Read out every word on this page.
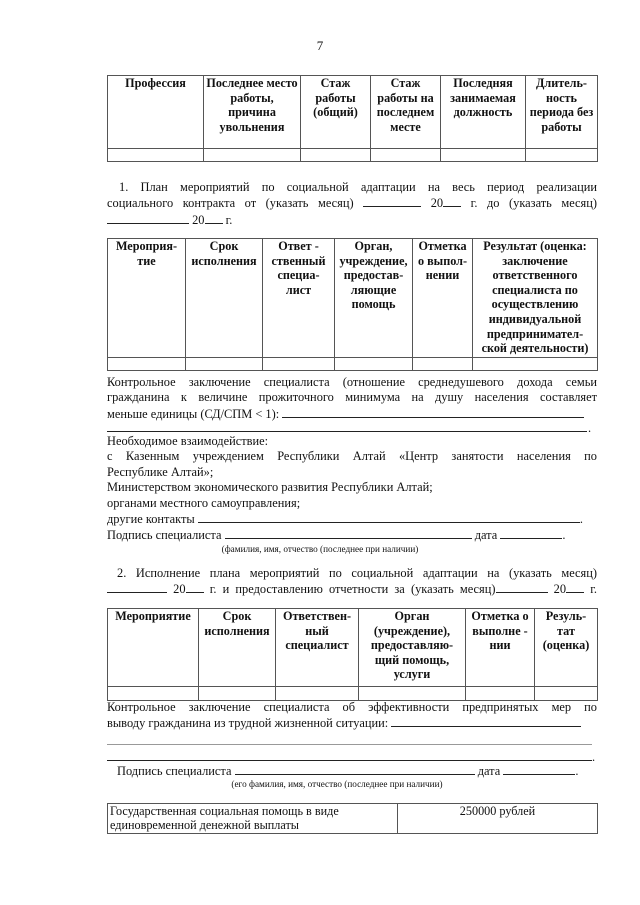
7
Профессия	Последнее место работы, причина увольнения	Стаж работы (общий)	Стаж работы на последнем месте	Последняя занимаемая должность	Длитель-ность периода без работы

1. План мероприятий по социальной адаптации на весь период реализации
социального контракта от (указать месяц)	20 г. до (указать месяц)
20 г.
Мероприя-тие	Срок исполнения	Ответ - ственный специа-лист	Орган, учреждение, предостав-ляющие помощь	Отметка о выпол-нении	Результат (оценка: заключение ответственного специалиста по осуществлению индивидуальной предпринимател-ской деятельности)

Контрольное заключение специалиста (отношение среднедушевого дохода семьи
гражданина к величине прожиточного минимума на душу населения составляет
меньше единицы (СД/СПМ < 1):
.
Необходимое взаимодействие:
с Казенным учреждением Республики Алтай «Центр занятости населения по
Республике Алтай»;
Министерством экономического развития Республики Алтай;
органами местного самоуправления;
другие контакты	.
Подпись специалиста	дата	.
(фамилия, имя, отчество (последнее при наличии)
2. Исполнение плана мероприятий по социальной адаптации на (указать месяц)
20 г. и предоставлению отчетности за (указать месяц)	20 г.
Мероприятие	Срок исполнения	Ответствен-ный специалист	Орган (учреждение), предоставляю-щий помощь, услуги	Отметка о выполне - нии	Резуль-тат (оценка)

Контрольное заключение специалиста об эффективности предпринятых мер по
выводу гражданина из трудной жизненной ситуации:
.
Подпись специалиста	дата	.
(его фамилия, имя, отчество (последнее при наличии)
Государственная социальная помощь в виде единовременной денежной выплаты	250000 рублей
